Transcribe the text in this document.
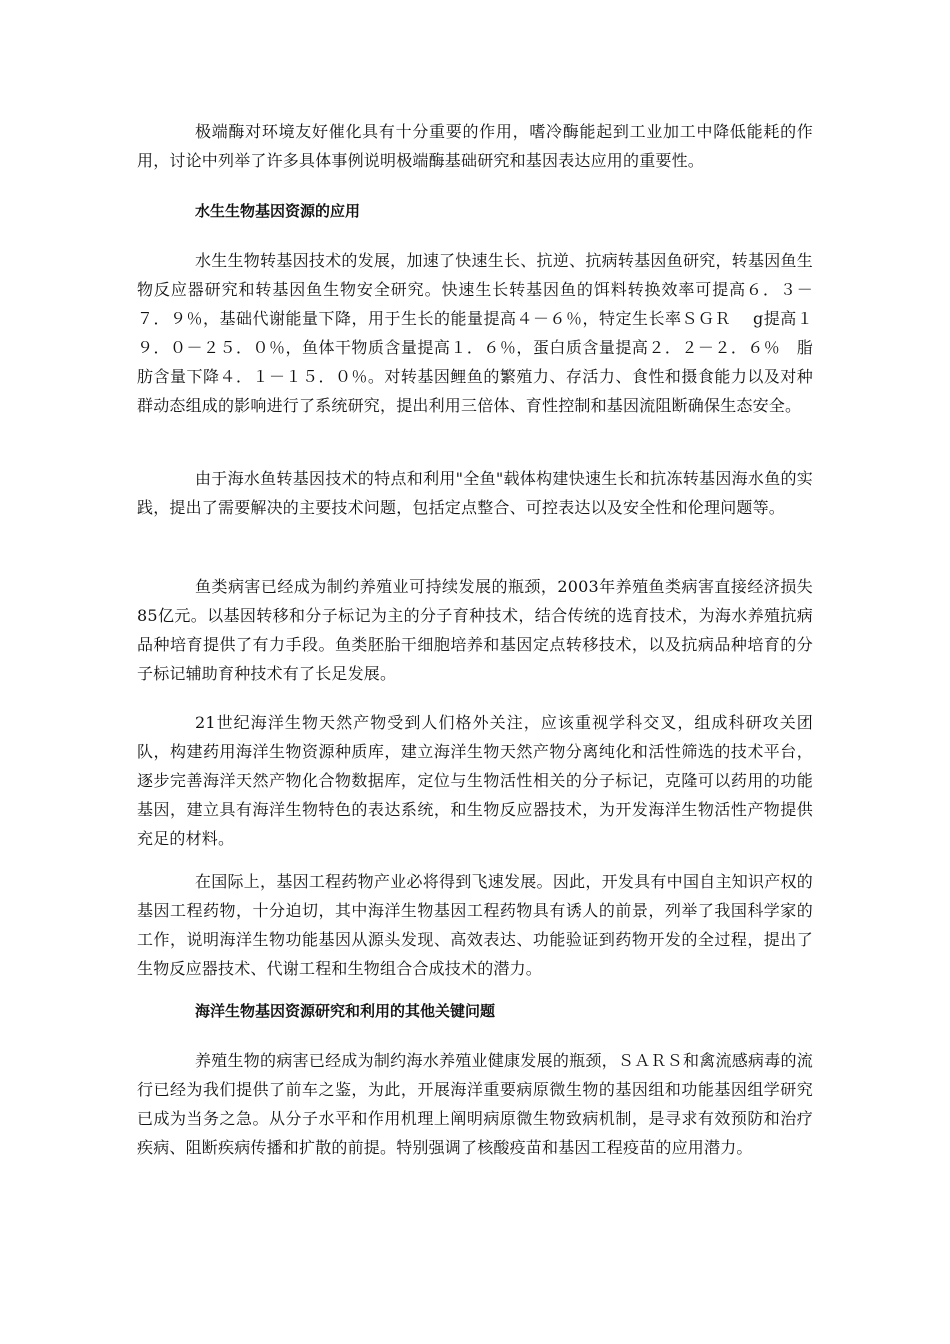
极端酶对环境友好催化具有十分重要的作用，嗜冷酶能起到工业加工中降低能耗的作用，讨论中列举了许多具体事例说明极端酶基础研究和基因表达应用的重要性。

水生生物基因资源的应用

水生生物转基因技术的发展，加速了快速生长、抗逆、抗病转基因鱼研究，转基因鱼生物反应器研究和转基因鱼生物安全研究。快速生长转基因鱼的饵料转换效率可提高６．３－７．９％，基础代谢能量下降，用于生长的能量提高４－６％，特定生长率ＳＧＲ　 g提高１９．０－２５．０％，鱼体干物质含量提高１．６％，蛋白质含量提高２．２－２．６％　脂肪含量下降４．１－１５．０％。对转基因鲤鱼的繁殖力、存活力、食性和摄食能力以及对种群动态组成的影响进行了系统研究，提出利用三倍体、育性控制和基因流阻断确保生态安全。

由于海水鱼转基因技术的特点和利用"全鱼"载体构建快速生长和抗冻转基因海水鱼的实践，提出了需要解决的主要技术问题，包括定点整合、可控表达以及安全性和伦理问题等。

鱼类病害已经成为制约养殖业可持续发展的瓶颈，2003年养殖鱼类病害直接经济损失85亿元。以基因转移和分子标记为主的分子育种技术，结合传统的选育技术，为海水养殖抗病品种培育提供了有力手段。鱼类胚胎干细胞培养和基因定点转移技术，以及抗病品种培育的分子标记辅助育种技术有了长足发展。

21世纪海洋生物天然产物受到人们格外关注，应该重视学科交叉，组成科研攻关团队，构建药用海洋生物资源种质库，建立海洋生物天然产物分离纯化和活性筛选的技术平台，逐步完善海洋天然产物化合物数据库，定位与生物活性相关的分子标记，克隆可以药用的功能基因，建立具有海洋生物特色的表达系统，和生物反应器技术，为开发海洋生物活性产物提供充足的材料。

在国际上，基因工程药物产业必将得到飞速发展。因此，开发具有中国自主知识产权的基因工程药物，十分迫切，其中海洋生物基因工程药物具有诱人的前景，列举了我国科学家的工作，说明海洋生物功能基因从源头发现、高效表达、功能验证到药物开发的全过程，提出了生物反应器技术、代谢工程和生物组合合成技术的潜力。

海洋生物基因资源研究和利用的其他关键问题

养殖生物的病害已经成为制约海水养殖业健康发展的瓶颈，ＳＡＲＳ和禽流感病毒的流行已经为我们提供了前车之鉴，为此，开展海洋重要病原微生物的基因组和功能基因组学研究已成为当务之急。从分子水平和作用机理上阐明病原微生物致病机制，是寻求有效预防和治疗疾病、阻断疾病传播和扩散的前提。特别强调了核酸疫苗和基因工程疫苗的应用潜力。
